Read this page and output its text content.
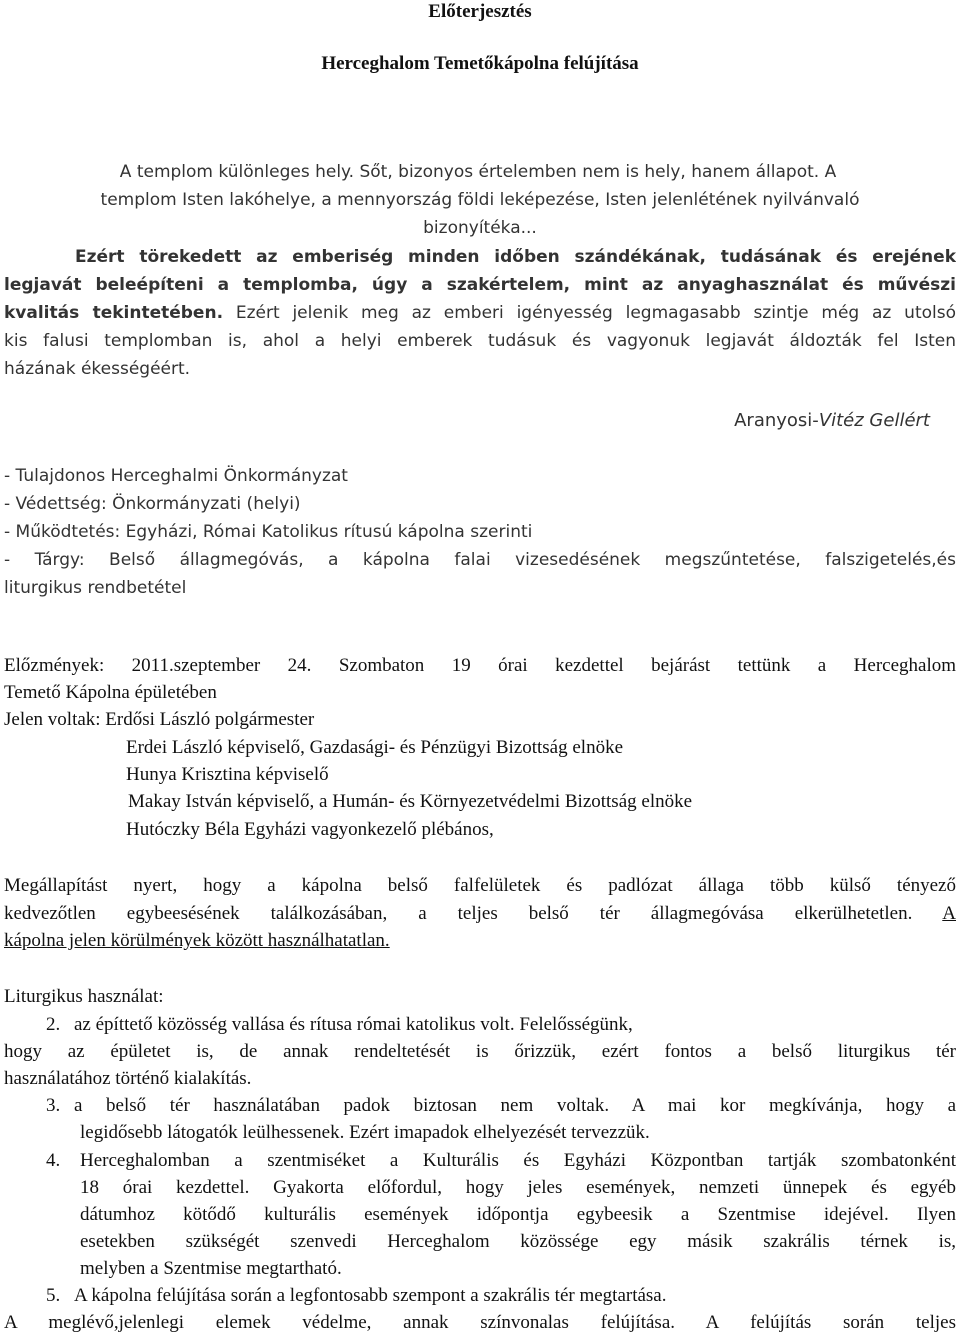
Előterjesztés
Herceghalom Temetőkápolna felújítása
A templom különleges hely. Sőt, bizonyos értelemben nem is hely, hanem állapot. A
templom Isten lakóhelye, a mennyország földi leképezése, Isten jelenlétének nyilvánvaló
bizonyítéka...
Ezért törekedett az emberiség minden időben szándékának, tudásának és erejének
legjavát beleépíteni a templomba, úgy a szakértelem, mint az anyaghasználat és művészi
kvalitás tekintetében. Ezért jelenik meg az emberi igényesség legmagasabb szintje még az utolsó
kis falusi templomban is, ahol a helyi emberek tudásuk és vagyonuk legjavát áldozták fel Isten
házának ékességéért.
Aranyosi-Vitéz Gellért
- Tulajdonos Herceghalmi Önkormányzat
- Védettség: Önkormányzati (helyi)
- Működtetés: Egyházi, Római Katolikus rítusú kápolna szerinti
- Tárgy: Belső állagmegóvás, a kápolna falai vizesedésének megszűntetése, falszigetelés,és
liturgikus rendbetétel
Előzmények: 2011.szeptember 24. Szombaton 19 órai kezdettel bejárást tettünk a Herceghalom
Temető Kápolna épületében
Jelen voltak: Erdősi László polgármester
Erdei László képviselő, Gazdasági- és Pénzügyi Bizottság elnöke
Hunya Krisztina képviselő
Makay István képviselő, a Humán- és Környezetvédelmi Bizottság elnöke
Hutóczky Béla Egyházi vagyonkezelő plébános,
Megállapítást nyert, hogy a kápolna belső falfelületek és padlózat állaga több külső tényező
kedvezőtlen egybeesésének találkozásában, a teljes belső tér állagmegóvása elkerülhetetlen. A
kápolna jelen körülmények között használhatatlan.
Liturgikus használat:
2. az építtető közösség vallása és rítusa római katolikus volt. Felelősségünk,
hogy az épületet is, de annak rendeltetését is őrizzük, ezért fontos a belső liturgikus tér
használatához történő kialakítás.
3. a belső tér használatában padok biztosan nem voltak. A mai kor megkívánja, hogy a
legidősebb látogatók leülhessenek. Ezért imapadok elhelyezését tervezzük.
4. Herceghalomban a szentmiséket a Kulturális és Egyházi Központban tartják szombatonként
18 órai kezdettel. Gyakorta előfordul, hogy jeles események, nemzeti ünnepek és egyéb
dátumhoz kötődő kulturális események időpontja egybeesik a Szentmise idejével. Ilyen
esetekben szükségét szenvedi Herceghalom közössége egy másik szakrális térnek is,
melyben a Szentmise megtartható.
5. A kápolna felújítása során a legfontosabb szempont a szakrális tér megtartása.
A meglévő,jelenlegi elemek védelme, annak színvonalas felújítása. A felújítás során teljes
